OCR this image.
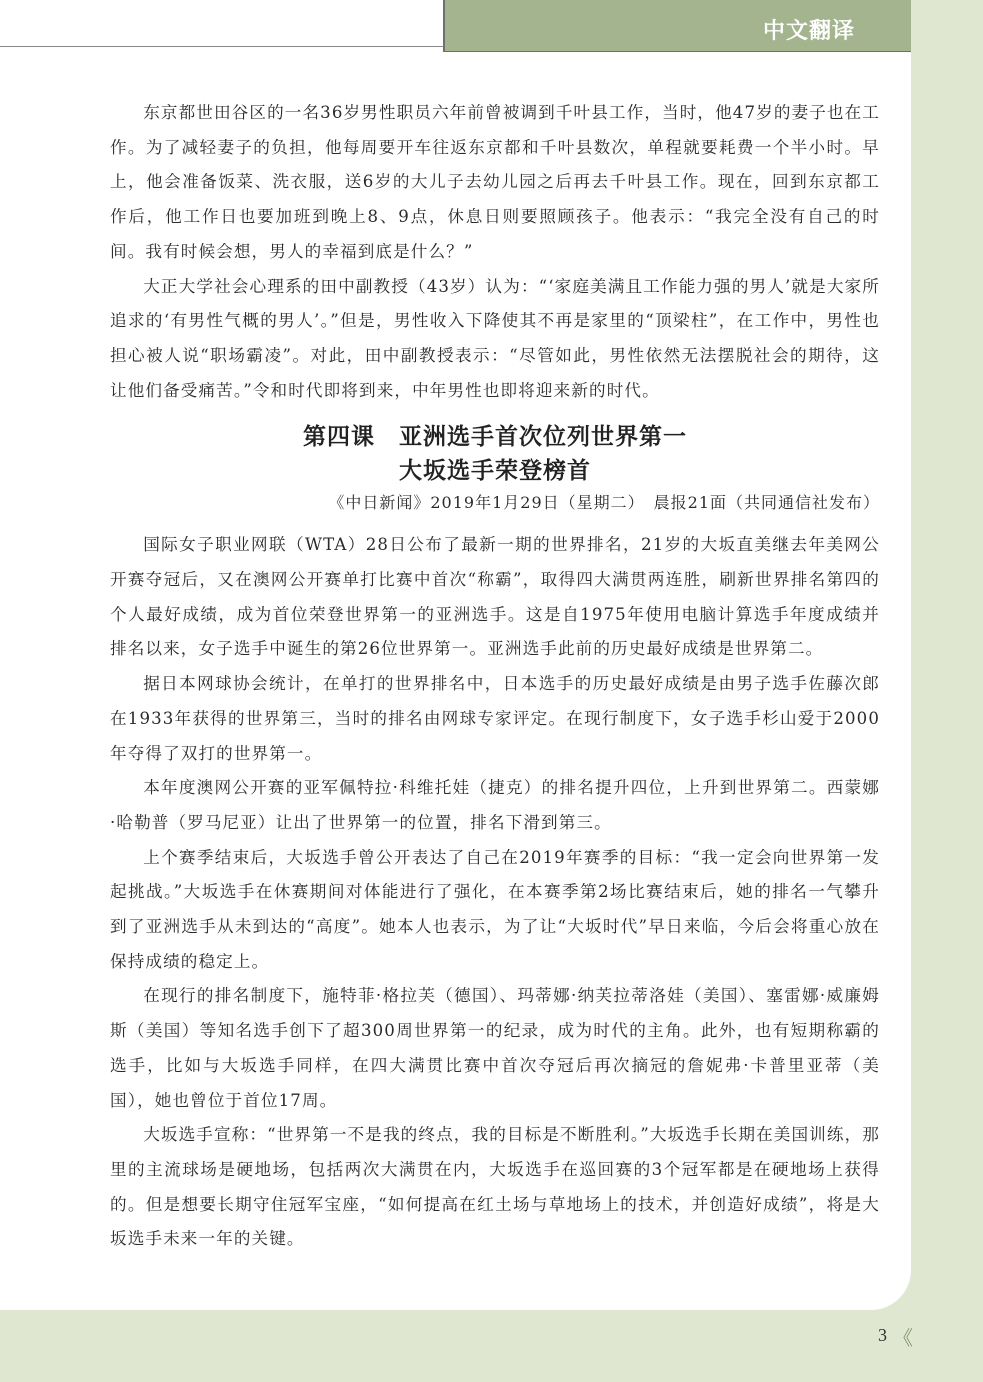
中文翻译

东京都世田谷区的一名36岁男性职员六年前曾被调到千叶县工作，当时，他47岁的妻子也在工作。为了减轻妻子的负担，他每周要开车往返东京都和千叶县数次，单程就要耗费一个半小时。早上，他会准备饭菜、洗衣服，送6岁的大儿子去幼儿园之后再去千叶县工作。现在，回到东京都工作后，他工作日也要加班到晚上8、9点，休息日则要照顾孩子。他表示：“我完全没有自己的时间。我有时候会想，男人的幸福到底是什么？”

大正大学社会心理系的田中副教授（43岁）认为：“‘家庭美满且工作能力强的男人’就是大家所追求的‘有男性气概的男人’。”但是，男性收入下降使其不再是家里的“顶梁柱”，在工作中，男性也担心被人说“职场霸凌”。对此，田中副教授表示：“尽管如此，男性依然无法摆脱社会的期待，这让他们备受痛苦。”令和时代即将到来，中年男性也即将迎来新的时代。

第四课　亚洲选手首次位列世界第一
大坂选手荣登榜首
《中日新闻》2019年1月29日（星期二）　晨报21面（共同通信社发布）

国际女子职业网联（WTA）28日公布了最新一期的世界排名，21岁的大坂直美继去年美网公开赛夺冠后，又在澳网公开赛单打比赛中首次“称霸”，取得四大满贯两连胜，刷新世界排名第四的个人最好成绩，成为首位荣登世界第一的亚洲选手。这是自1975年使用电脑计算选手年度成绩并排名以来，女子选手中诞生的第26位世界第一。亚洲选手此前的历史最好成绩是世界第二。

据日本网球协会统计，在单打的世界排名中，日本选手的历史最好成绩是由男子选手佐藤次郎在1933年获得的世界第三，当时的排名由网球专家评定。在现行制度下，女子选手杉山爱于2000年夺得了双打的世界第一。

本年度澳网公开赛的亚军佩特拉·科维托娃（捷克）的排名提升四位，上升到世界第二。西蒙娜·哈勒普（罗马尼亚）让出了世界第一的位置，排名下滑到第三。

上个赛季结束后，大坂选手曾公开表达了自己在2019年赛季的目标：“我一定会向世界第一发起挑战。”大坂选手在休赛期间对体能进行了强化，在本赛季第2场比赛结束后，她的排名一气攀升到了亚洲选手从未到达的“高度”。她本人也表示，为了让“大坂时代”早日来临，今后会将重心放在保持成绩的稳定上。

在现行的排名制度下，施特菲·格拉芙（德国）、玛蒂娜·纳芙拉蒂洛娃（美国）、塞雷娜·威廉姆斯（美国）等知名选手创下了超300周世界第一的纪录，成为时代的主角。此外，也有短期称霸的选手，比如与大坂选手同样，在四大满贯比赛中首次夺冠后再次摘冠的詹妮弗·卡普里亚蒂（美国），她也曾位于首位17周。

大坂选手宣称：“世界第一不是我的终点，我的目标是不断胜利。”大坂选手长期在美国训练，那里的主流球场是硬地场，包括两次大满贯在内，大坂选手在巡回赛的3个冠军都是在硬地场上获得的。但是想要长期守住冠军宝座，“如何提高在红土场与草地场上的技术，并创造好成绩”，将是大坂选手未来一年的关键。

3 《
